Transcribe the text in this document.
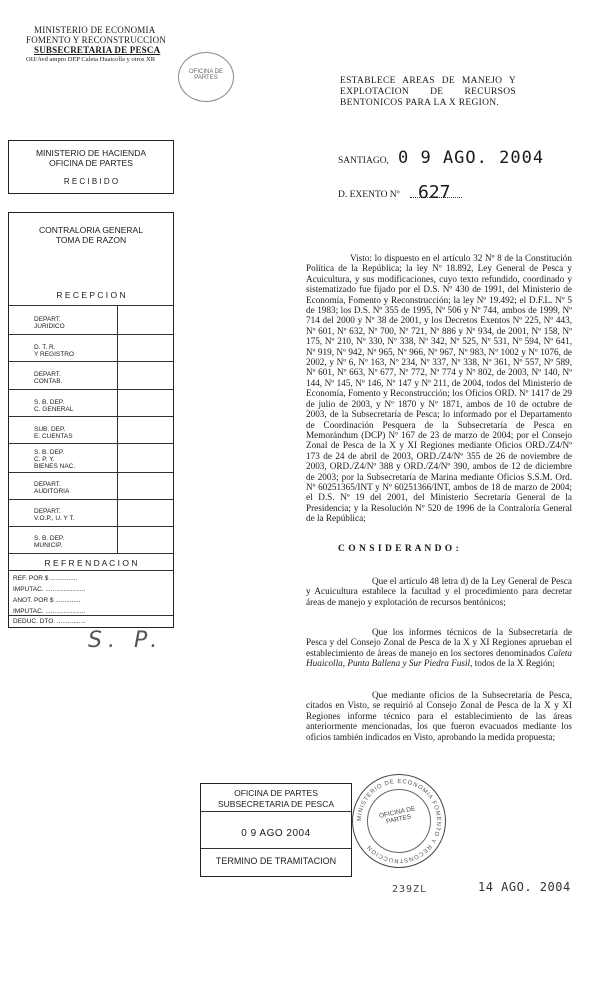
MINISTERIO DE ECONOMIA
FOMENTO Y RECONSTRUCCION
SUBSECRETARIA DE PESCA
OIJ/Avd ampro DEP Caleta Huaicolla y otros XR
OFICINA DE PARTES	ESTABLECE AREAS DE MANEJO Y EXPLOTACION DE RECURSOS BENTONICOS PARA LA X REGION.
MINISTERIO DE HACIENDA
OFICINA DE PARTES
R E C I B I D O
SANTIAGO, 0 9 AGO. 2004
D. EXENTO Nº 627
CONTRALORIA GENERAL
TOMA DE RAZON
R E C E P C I O N
DEPART.
JURIDICO
D. T. R.
Y REGISTRO
DEPART.
CONTAB.
S. B. DEP.
C. GENERAL
SUB. DEP.
E. CUENTAS
S. B. DEP.
C. P. Y.
BIENES NAC.
DEPART.
AUDITORIA
DEPART.
V.O.P., U. Y T.
S. B. DEP.
MUNICIP.
R E F R E N D A C I O N
REF. POR $ ...............
IMPUTAC. ......................
ANOT. POR $ ..............
IMPUTAC. ......................
DEDUC. DTO. ................
Visto: lo dispuesto en el artículo 32 Nº 8 de la Constitución Política de la República; la ley Nº 18.892, Ley General de Pesca y Acuicultura, y sus modificaciones, cuyo texto refundido, coordinado y sistematizado fue fijado por el D.S. Nº 430 de 1991, del Ministerio de Economía, Fomento y Reconstrucción; la ley Nº 19.492; el D.F.L. Nº 5 de 1983; los D.S. Nº 355 de 1995, Nº 506 y Nº 744, ambos de 1999, Nº 714 del 2000 y Nº 38 de 2001, y los Decretos Exentos Nº 225, Nº 443, Nº 601, Nº 632, Nº 700, Nº 721, Nº 886 y Nº 934, de 2001, Nº 158, Nº 175, Nº 210, Nº 330, Nº 338, Nº 342, Nº 525, Nº 531, Nº 594, Nº 641, Nº 919, Nº 942, Nº 965, Nº 966, Nº 967, Nº 983, Nº 1002 y Nº 1076, de 2002, y Nº 6, Nº 163, Nº 234, Nº 337, Nº 338, Nº 361, Nº 557, Nº 589, Nº 601, Nº 663, Nº 677, Nº 772, Nº 774 y Nº 802, de 2003, Nº 140, Nº 144, Nº 145, Nº 146, Nº 147 y Nº 211, de 2004, todos del Ministerio de Economía, Fomento y Reconstrucción; los Oficios ORD. Nº 1417 de 29 de julio de 2003, y Nº 1870 y Nº 1871, ambos de 10 de octubre de 2003, de la Subsecretaría de Pesca; lo informado por el Departamento de Coordinación Pesquera de la Subsecretaría de Pesca en Memorándum (DCP) Nº 167 de 23 de marzo de 2004; por el Consejo Zonal de Pesca de la X y XI Regiones mediante Oficios ORD./Z4/Nº 173 de 24 de abril de 2003, ORD./Z4/Nº 355 de 26 de noviembre de 2003, ORD./Z4/Nº 388 y ORD./Z4/Nº 390, ambos de 12 de diciembre de 2003; por la Subsecretaría de Marina mediante Oficios S.S.M. Ord. Nº 60251365/INT y Nº 60251366/INT, ambos de 18 de marzo de 2004; el D.S. Nº 19 del 2001, del Ministerio Secretaría General de la Presidencia; y la Resolución Nº 520 de 1996 de la Contraloría General de la República;
C O N S I D E R A N D O :
Que el artículo 48 letra d) de la Ley General de Pesca y Acuicultura establece la facultad y el procedimiento para decretar áreas de manejo y explotación de recursos bentónicos;
Que los informes técnicos de la Subsecretaría de Pesca y del Consejo Zonal de Pesca de la X y XI Regiones aprueban el establecimiento de áreas de manejo en los sectores denominados Caleta Huaicolla, Punta Ballena y Sur Piedra Fusil, todos de la X Región;
Que mediante oficios de la Subsecretaría de Pesca, citados en Visto, se requirió al Consejo Zonal de Pesca de la X y XI Regiones informe técnico para el establecimiento de las áreas anteriormente mencionadas, los que fueron evacuados mediante los oficios también indicados en Visto, aprobando la medida propuesta;
S. P.
OFICINA DE PARTES
SUBSECRETARIA DE PESCA
0 9 AGO 2004
TERMINO DE TRAMITACION
MINISTERIO DE ECONOMIA FOMENTO Y RECONSTRUCCION
OFICINA DE PARTES
239ZL	14 AGO. 2004
